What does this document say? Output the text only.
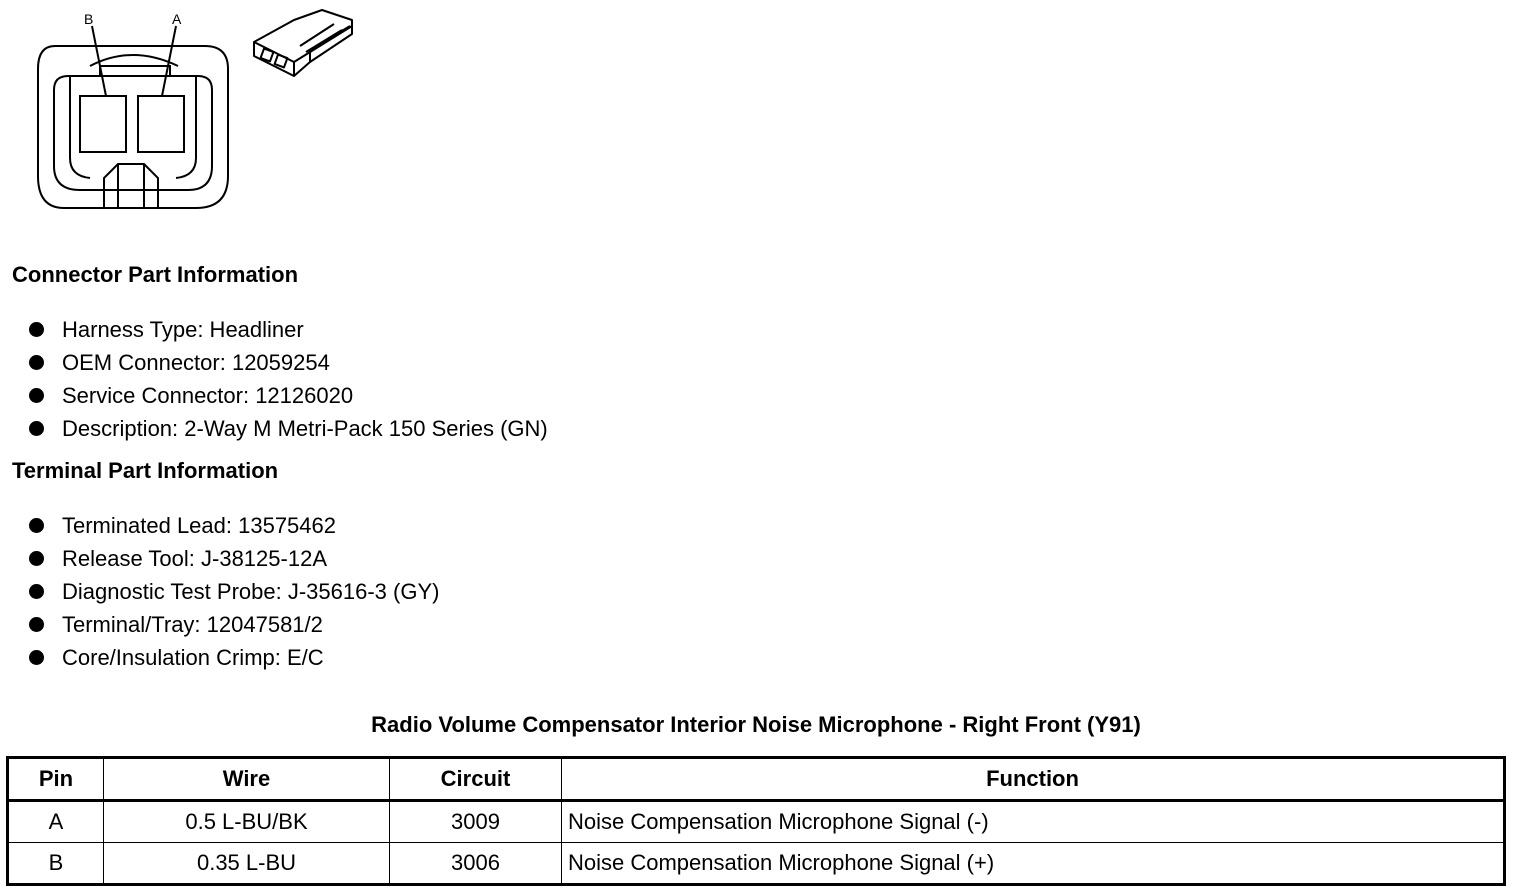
B	A
Connector Part Information
Harness Type: Headliner
OEM Connector: 12059254
Service Connector: 12126020
Description: 2-Way M Metri-Pack 150 Series (GN)
Terminal Part Information
Terminated Lead: 13575462
Release Tool: J-38125-12A
Diagnostic Test Probe: J-35616-3 (GY)
Terminal/Tray: 12047581/2
Core/Insulation Crimp: E/C
Radio Volume Compensator Interior Noise Microphone - Right Front (Y91)
Pin	Wire	Circuit	Function
A	0.5 L-BU/BK	3009	Noise Compensation Microphone Signal (-)
B	0.35 L-BU	3006	Noise Compensation Microphone Signal (+)
